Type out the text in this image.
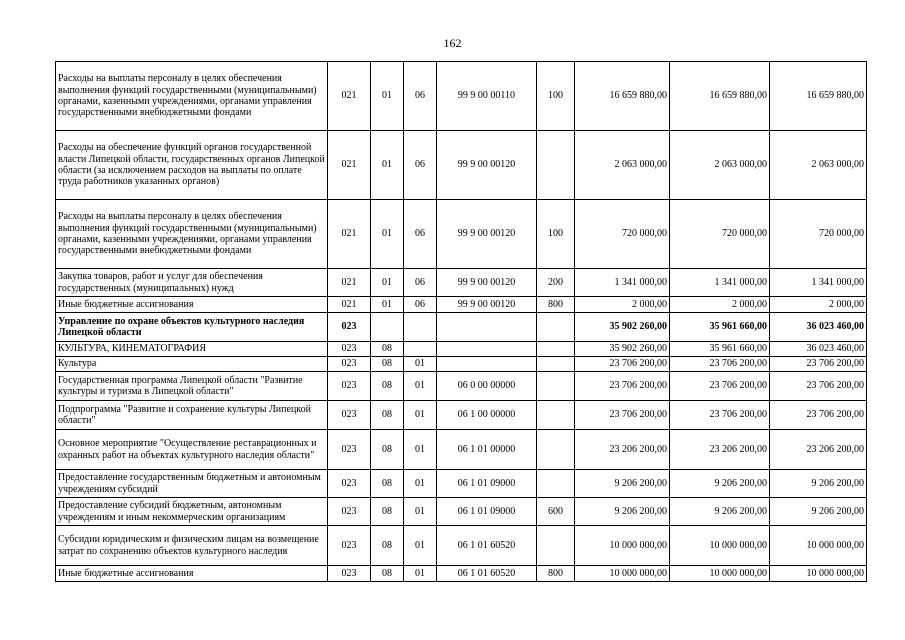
162
Расходы на выплаты персоналу в целях обеспечения выполнения функций государственными (муниципальными) органами, казенными учреждениями, органами управления государственными внебюджетными фондами	021	01	06	99 9 00 00110	100	16 659 880,00	16 659 880,00	16 659 880,00
Расходы на обеспечение функций органов государственной власти Липецкой области, государственных органов Липецкой области (за исключением расходов на выплаты по оплате труда работников указанных органов)	021	01	06	99 9 00 00120		2 063 000,00	2 063 000,00	2 063 000,00
Расходы на выплаты персоналу в целях обеспечения выполнения функций государственными (муниципальными) органами, казенными учреждениями, органами управления государственными внебюджетными фондами	021	01	06	99 9 00 00120	100	720 000,00	720 000,00	720 000,00
Закупка товаров, работ и услуг для обеспечения государственных (муниципальных) нужд	021	01	06	99 9 00 00120	200	1 341 000,00	1 341 000,00	1 341 000,00
Иные бюджетные ассигнования	021	01	06	99 9 00 00120	800	2 000,00	2 000,00	2 000,00
Управление по охране объектов культурного наследия Липецкой области	023					35 902 260,00	35 961 660,00	36 023 460,00
КУЛЬТУРА, КИНЕМАТОГРАФИЯ	023	08				35 902 260,00	35 961 660,00	36 023 460,00
Культура	023	08	01			23 706 200,00	23 706 200,00	23 706 200,00
Государственная программа Липецкой области "Развитие культуры и туризма в Липецкой области"	023	08	01	06 0 00 00000		23 706 200,00	23 706 200,00	23 706 200,00
Подпрограмма "Развитие и сохранение культуры Липецкой области"	023	08	01	06 1 00 00000		23 706 200,00	23 706 200,00	23 706 200,00
Основное мероприятие "Осуществление реставрационных и охранных работ на объектах культурного наследия области"	023	08	01	06 1 01 00000		23 206 200,00	23 206 200,00	23 206 200,00
Предоставление государственным бюджетным и автономным учреждениям субсидий	023	08	01	06 1 01 09000		9 206 200,00	9 206 200,00	9 206 200,00
Предоставление субсидий бюджетным, автономным учреждениям и иным некоммерческим организациям	023	08	01	06 1 01 09000	600	9 206 200,00	9 206 200,00	9 206 200,00
Субсидии юридическим и физическим лицам на возмещение затрат по сохранению объектов культурного наследия	023	08	01	06 1 01 60520		10 000 000,00	10 000 000,00	10 000 000,00
Иные бюджетные ассигнования	023	08	01	06 1 01 60520	800	10 000 000,00	10 000 000,00	10 000 000,00
